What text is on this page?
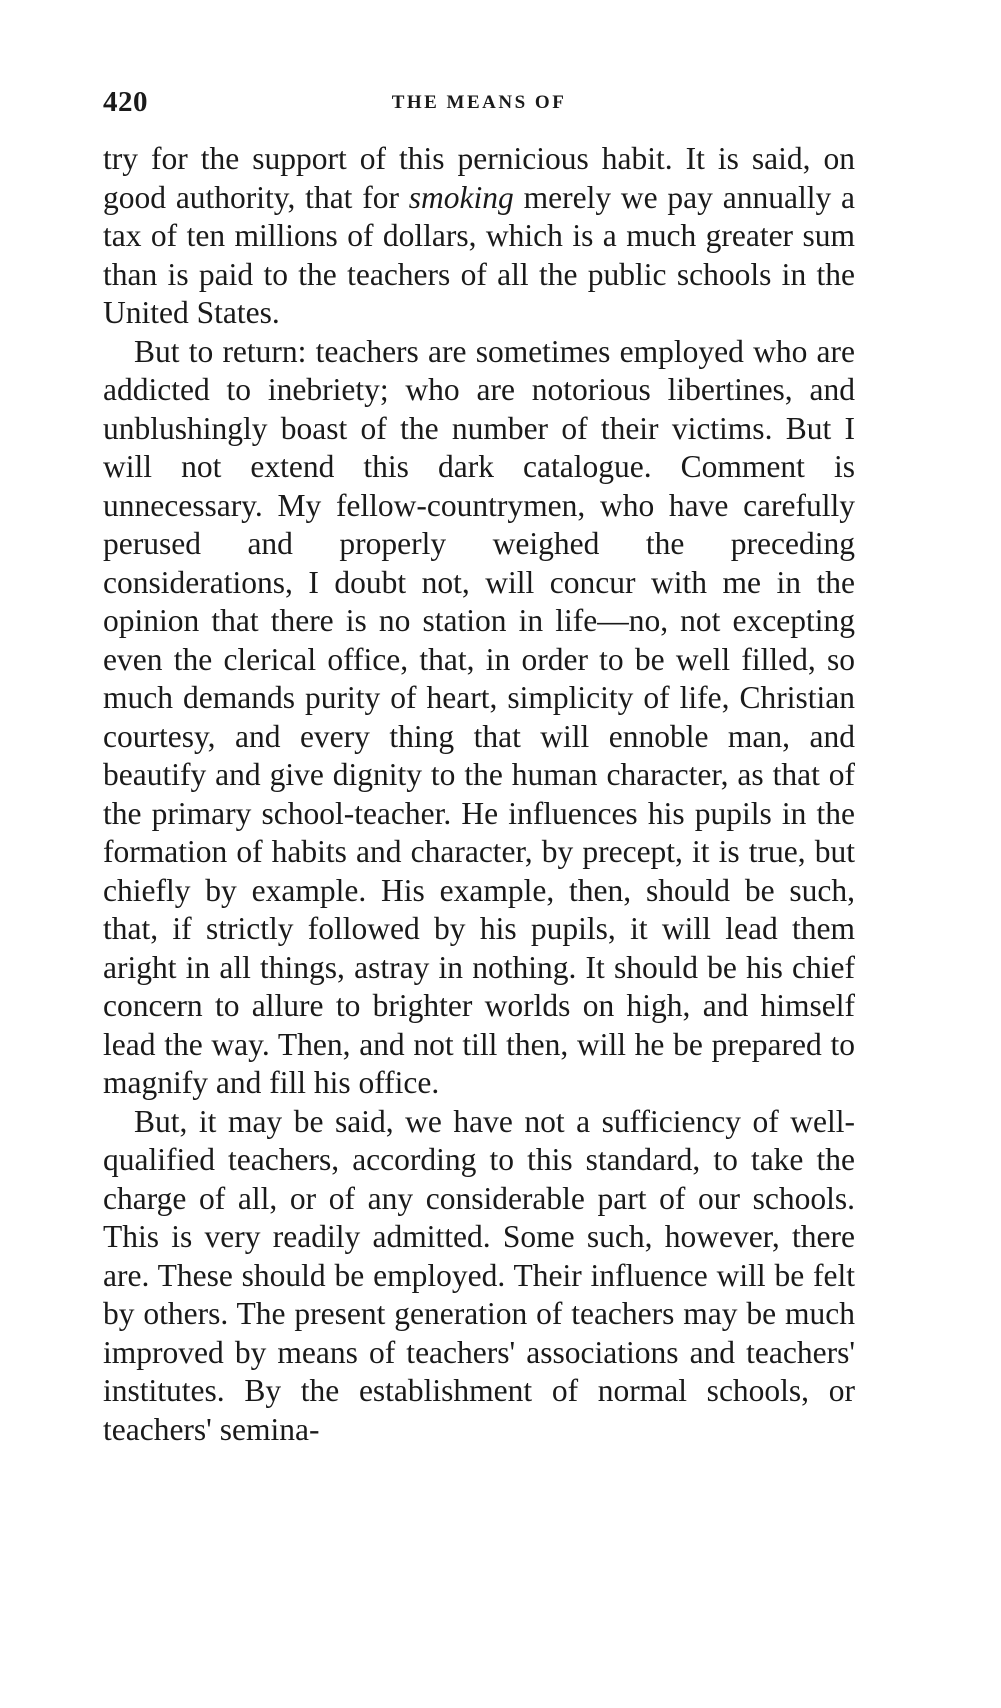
420	THE MEANS OF

try for the support of this pernicious habit. It is said, on good authority, that for smoking merely we pay annually a tax of ten millions of dollars, which is a much greater sum than is paid to the teachers of all the public schools in the United States.

But to return: teachers are sometimes employed who are addicted to inebriety; who are notorious libertines, and unblushingly boast of the number of their victims. But I will not extend this dark catalogue. Comment is unnecessary. My fellow-countrymen, who have carefully perused and properly weighed the preceding considerations, I doubt not, will concur with me in the opinion that there is no station in life—no, not excepting even the clerical office, that, in order to be well filled, so much demands purity of heart, simplicity of life, Christian courtesy, and every thing that will ennoble man, and beautify and give dignity to the human character, as that of the primary school-teacher. He influences his pupils in the formation of habits and character, by precept, it is true, but chiefly by example. His example, then, should be such, that, if strictly followed by his pupils, it will lead them aright in all things, astray in nothing. It should be his chief concern to allure to brighter worlds on high, and himself lead the way. Then, and not till then, will he be prepared to magnify and fill his office.

But, it may be said, we have not a sufficiency of well-qualified teachers, according to this standard, to take the charge of all, or of any considerable part of our schools. This is very readily admitted. Some such, however, there are. These should be employed. Their influence will be felt by others. The present generation of teachers may be much improved by means of teachers' associations and teachers' institutes. By the establishment of normal schools, or teachers' semina-
